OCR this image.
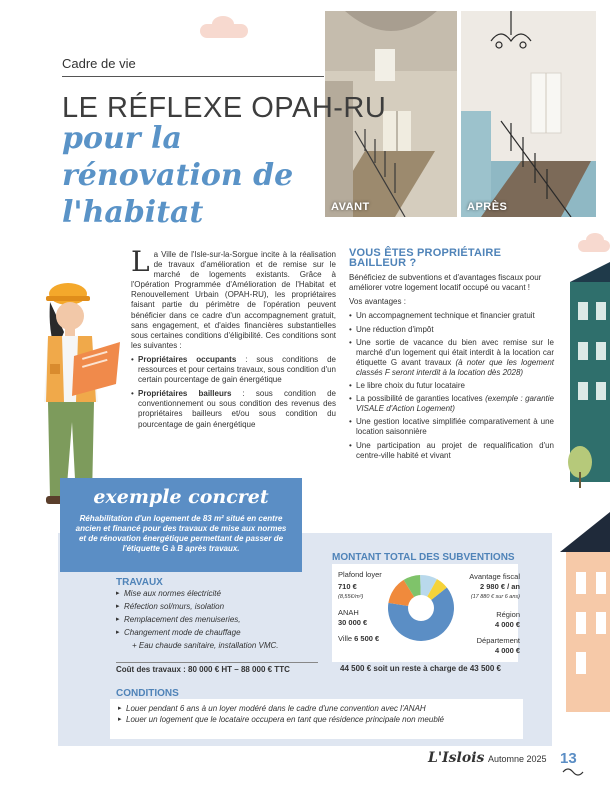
Cadre de vie
AVANT	APRÈS
LE RÉFLEXE OPAH-RU
pour la rénovation de l'habitat
L a Ville de l'Isle-sur-la-Sorgue incite à la réalisation de travaux d'amélioration et de remise sur le marché de logements existants. Grâce à l'Opération Programmée d'Amélioration de l'Habitat et Renouvellement Urbain (OPAH-RU), les propriétaires faisant partie du périmètre de l'opération peuvent bénéficier dans ce cadre d'un accompagnement gratuit, sans engagement, et d'aides financières substantielles sous certaines conditions d'éligibilité. Ces conditions sont les suivantes :

• Propriétaires occupants : sous conditions de ressources et pour certains travaux, sous condition d'un certain pourcentage de gain énergétique
• Propriétaires bailleurs : sous condition de conventionnement ou sous condition des revenus des propriétaires bailleurs et/ou sous condition du pourcentage de gain énergétique
VOUS ÊTES PROPRIÉTAIRE BAILLEUR ?

Bénéficiez de subventions et d'avantages fiscaux pour améliorer votre logement locatif occupé ou vacant !

Vos avantages :

• Un accompagnement technique et financier gratuit
• Une réduction d'impôt
• Une sortie de vacance du bien avec remise sur le marché d'un logement qui était interdit à la location car étiquette G avant travaux (à noter que les logement classés F seront interdit à la location dès 2028)
• Le libre choix du futur locataire
• La possibilité de garanties locatives (exemple : garantie VISALE d'Action Logement)
• Une gestion locative simplifiée comparativement à une location saisonnière
• Une participation au projet de requalification d'un centre-ville habité et vivant
exemple concret
Réhabilitation d'un logement de 83 m² situé en centre ancien et financé pour des travaux de mise aux normes et de rénovation énergétique permettant de passer de l'étiquette G à B après travaux.
TRAVAUX
▸ Mise aux normes électricité
▸ Réfection sol/murs, isolation
▸ Remplacement des menuiseries,
▸ Changement mode de chauffage
+ Eau chaude sanitaire, installation VMC.
Coût des travaux : 80 000 € HT – 88 000 € TTC
MONTANT TOTAL DES SUBVENTIONS
Plafond loyer
710 €
(8,55€/m²)
ANAH
30 000 €
Ville 6 500 €
Avantage fiscal
2 980 € / an
(17 880 € sur 6 ans)
Région
4 000 €
Département
4 000 €
44 500 € soit un reste à charge de 43 500 €
CONDITIONS
▸ Louer pendant 6 ans à un loyer modéré dans le cadre d'une convention avec l'ANAH
▸ Louer un logement que le locataire occupera en tant que résidence principale non meublé
L'Islois Automne 2025 13
